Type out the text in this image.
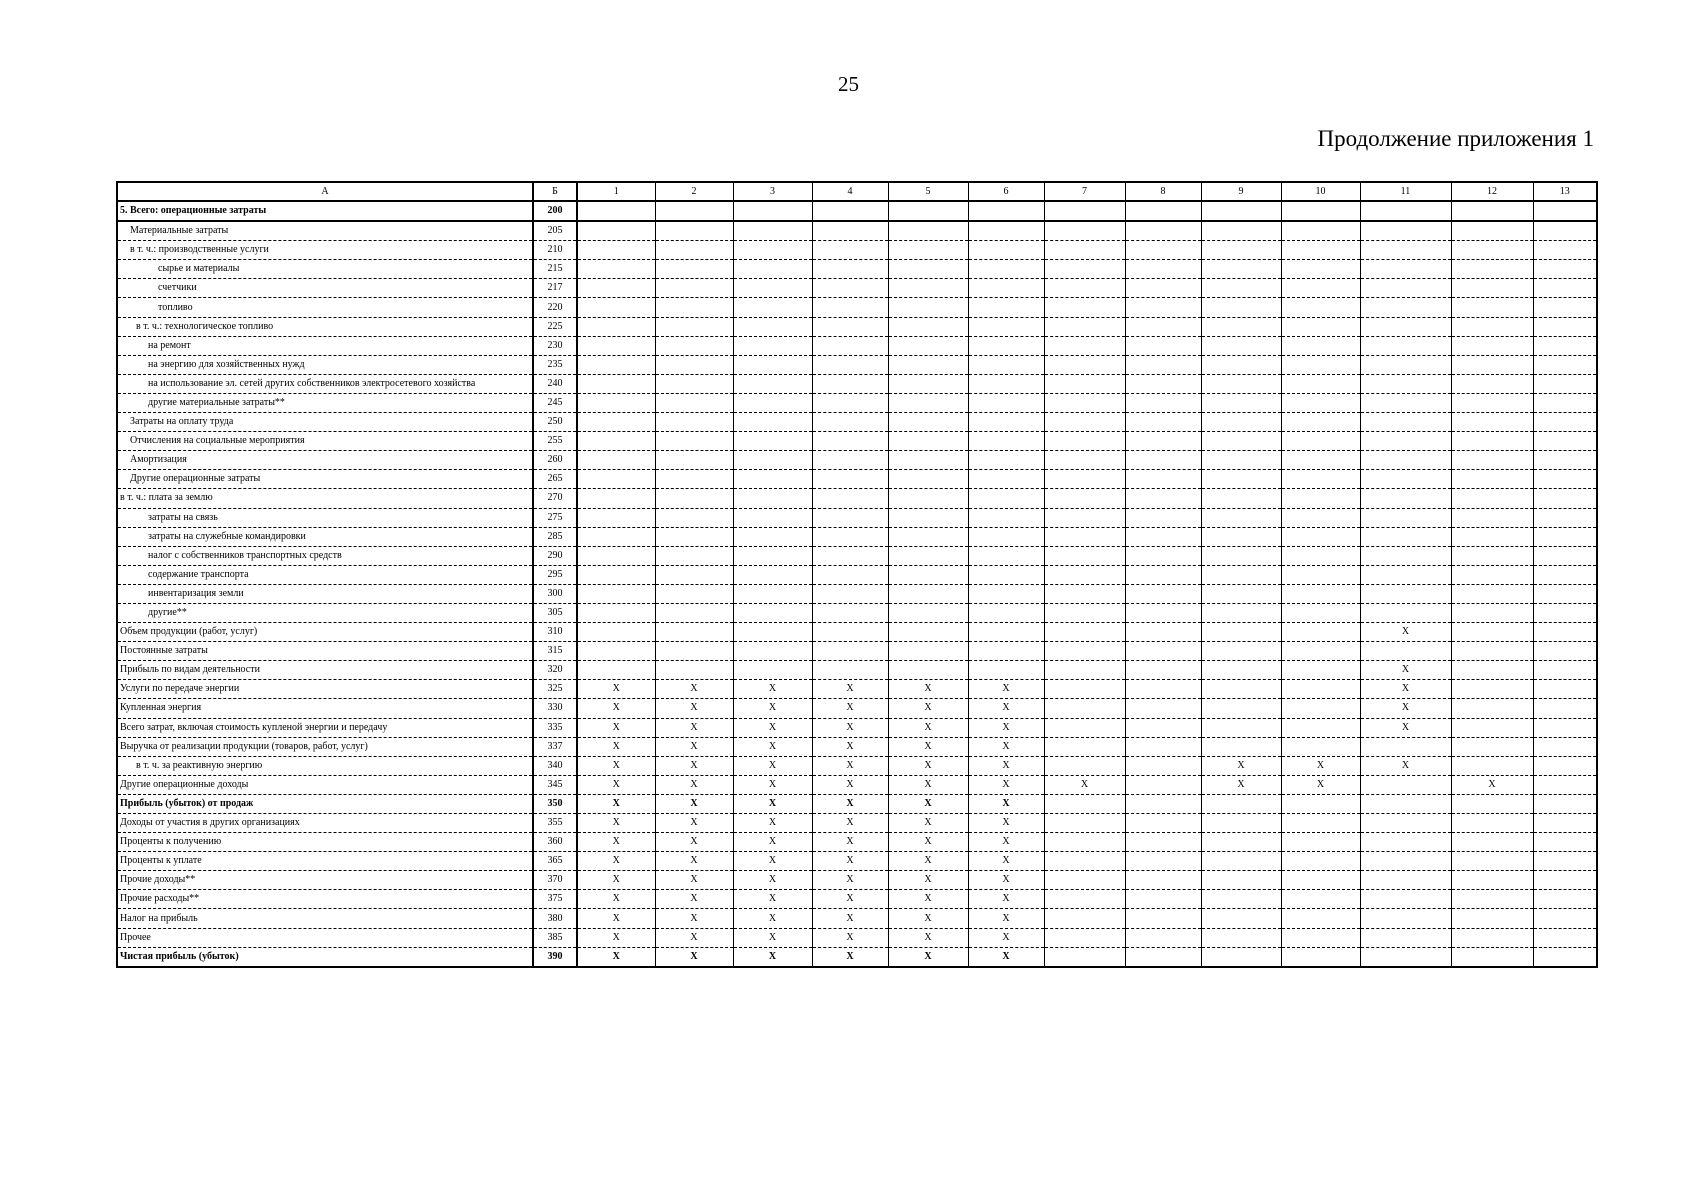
25
Продолжение приложения 1
А	Б	1	2	3	4	5	6	7	8	9	10	11	12	13
5. Всего: операционные затраты	200													
Материальные затраты	205													
в т. ч.: производственные услуги	210													
сырье и материалы	215													
счетчики	217													
топливо	220													
в т. ч.: технологическое топливо	225													
на ремонт	230													
на энергию для хозяйственных нужд	235													
на использование эл. сетей других собственников электросетевого хозяйства	240													
другие материальные затраты**	245													
Затраты на оплату труда	250													
Отчисления на социальные мероприятия	255													
Амортизация	260													
Другие операционные затраты	265													
в т. ч.: плата за землю	270													
затраты на связь	275													
затраты на служебные командировки	285													
налог с собственников транспортных средств	290													
содержание транспорта	295													
инвентаризация земли	300													
другие**	305													
Объем продукции (работ, услуг)	310											X		
Постоянные затраты	315													
Прибыль по видам деятельности	320											X		
Услуги по передаче энергии	325	X	X	X	X	X	X					X		
Купленная энергия	330	X	X	X	X	X	X					X		
Всего затрат, включая стоимость купленой энергии и передачу	335	X	X	X	X	X	X					X		
Выручка от реализации продукции (товаров, работ, услуг)	337	X	X	X	X	X	X							
в т. ч. за реактивную энергию	340	X	X	X	X	X	X			X	X	X		
Другие операционные доходы	345	X	X	X	X	X	X	X		X	X		X	
Прибыль (убыток) от продаж	350	X	X	X	X	X	X							
Доходы от участия в других организациях	355	X	X	X	X	X	X							
Проценты к получению	360	X	X	X	X	X	X							
Проценты к уплате	365	X	X	X	X	X	X							
Прочие доходы**	370	X	X	X	X	X	X							
Прочие расходы**	375	X	X	X	X	X	X							
Налог на прибыль	380	X	X	X	X	X	X							
Прочее	385	X	X	X	X	X	X							
Чистая прибыль (убыток)	390	X	X	X	X	X	X							
